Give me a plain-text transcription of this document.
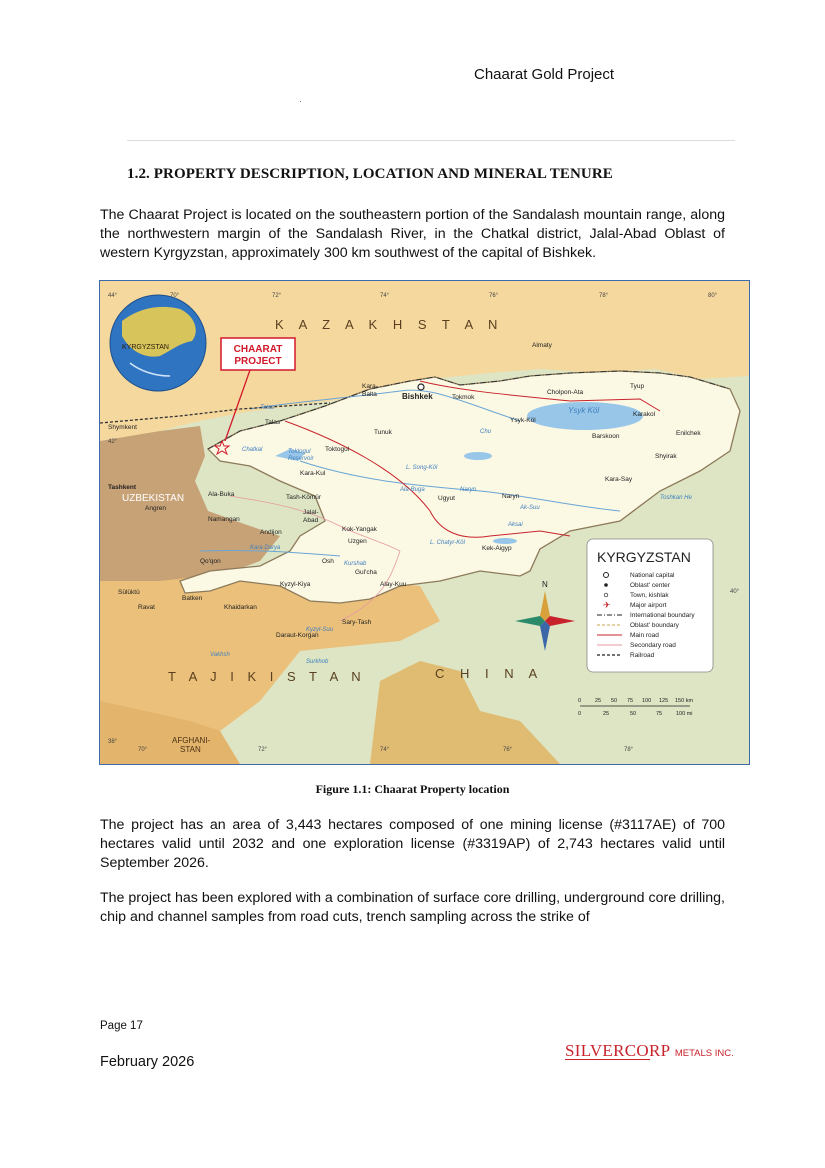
Chaarat Gold Project
1.2. PROPERTY DESCRIPTION, LOCATION AND MINERAL TENURE
The Chaarat Project is located on the southeastern portion of the Sandalash mountain range, along the northwestern margin of the Sandalash River, in the Chatkal district, Jalal-Abad Oblast of western Kyrgyzstan, approximately 300 km southwest of the capital of Bishkek.
KYRGYZSTAN	CHAARAT
PROJECT
K A Z A K H S T A N
C H I N A
T A J I K I S T A N
UZBEKISTAN
AFGHANI-
STAN
70°	72°	74°	76°	78°	80°
44°
42°
40°
38°
70°	72°	74°	76°	78°
Bishkek
Almaty
Kara-
Balta	Tokmok
Cholpon-Ata
Tyup
Karakol
Shymkent
Talas
Tunuk
Ysyk-Köl
Barskoon	Enilchek
Shyirak
Toktogul
Kara-Kul
Tashkent
Ala-Buka	Tash-Kömür	Ugyut	Naryn
Kara-Say
Angren
Namangan
Jalal-
Abad
Kok-Yangak
Uzgen
Andijon
Kek-Aigyp
Qo'qon	Osh
Gul'cha
Alay-Kuu
Kyzyl-Kiya
Sülüktü
Batken
Ravat	Khaidarkan
Sary-Tash
Daraut-Korgan
Ysyk Köl
Talas
Chatkal	Toktogul
Reservoir
L. Song-Köl
Chu
Naryn
L. Chatyr-Köl
Kyzyl-Suu
Surkhob
Vakhsh
Kurshab
Toshkan He
Ala-Buga
Aksai
Ak-Suu
Kara Darya
N
KYRGYZSTAN
National capital
Oblast' center
Town, kishlak
✈	Major airport
International boundary
Oblast' boundary
Main road
Secondary road
Railroad
0	25 50 75 100 125 150 km
0	25	50	75	100 mi
Figure 1.1: Chaarat Property location
The project has an area of 3,443 hectares composed of one mining license (#3117AE) of 700 hectares valid until 2032 and one exploration license (#3319AP) of 2,743 hectares valid until September 2026.
The project has been explored with a combination of surface core drilling, underground core drilling, chip and channel samples from road cuts, trench sampling across the strike of
Page 17
February 2026
SILVERCORP METALS INC.
